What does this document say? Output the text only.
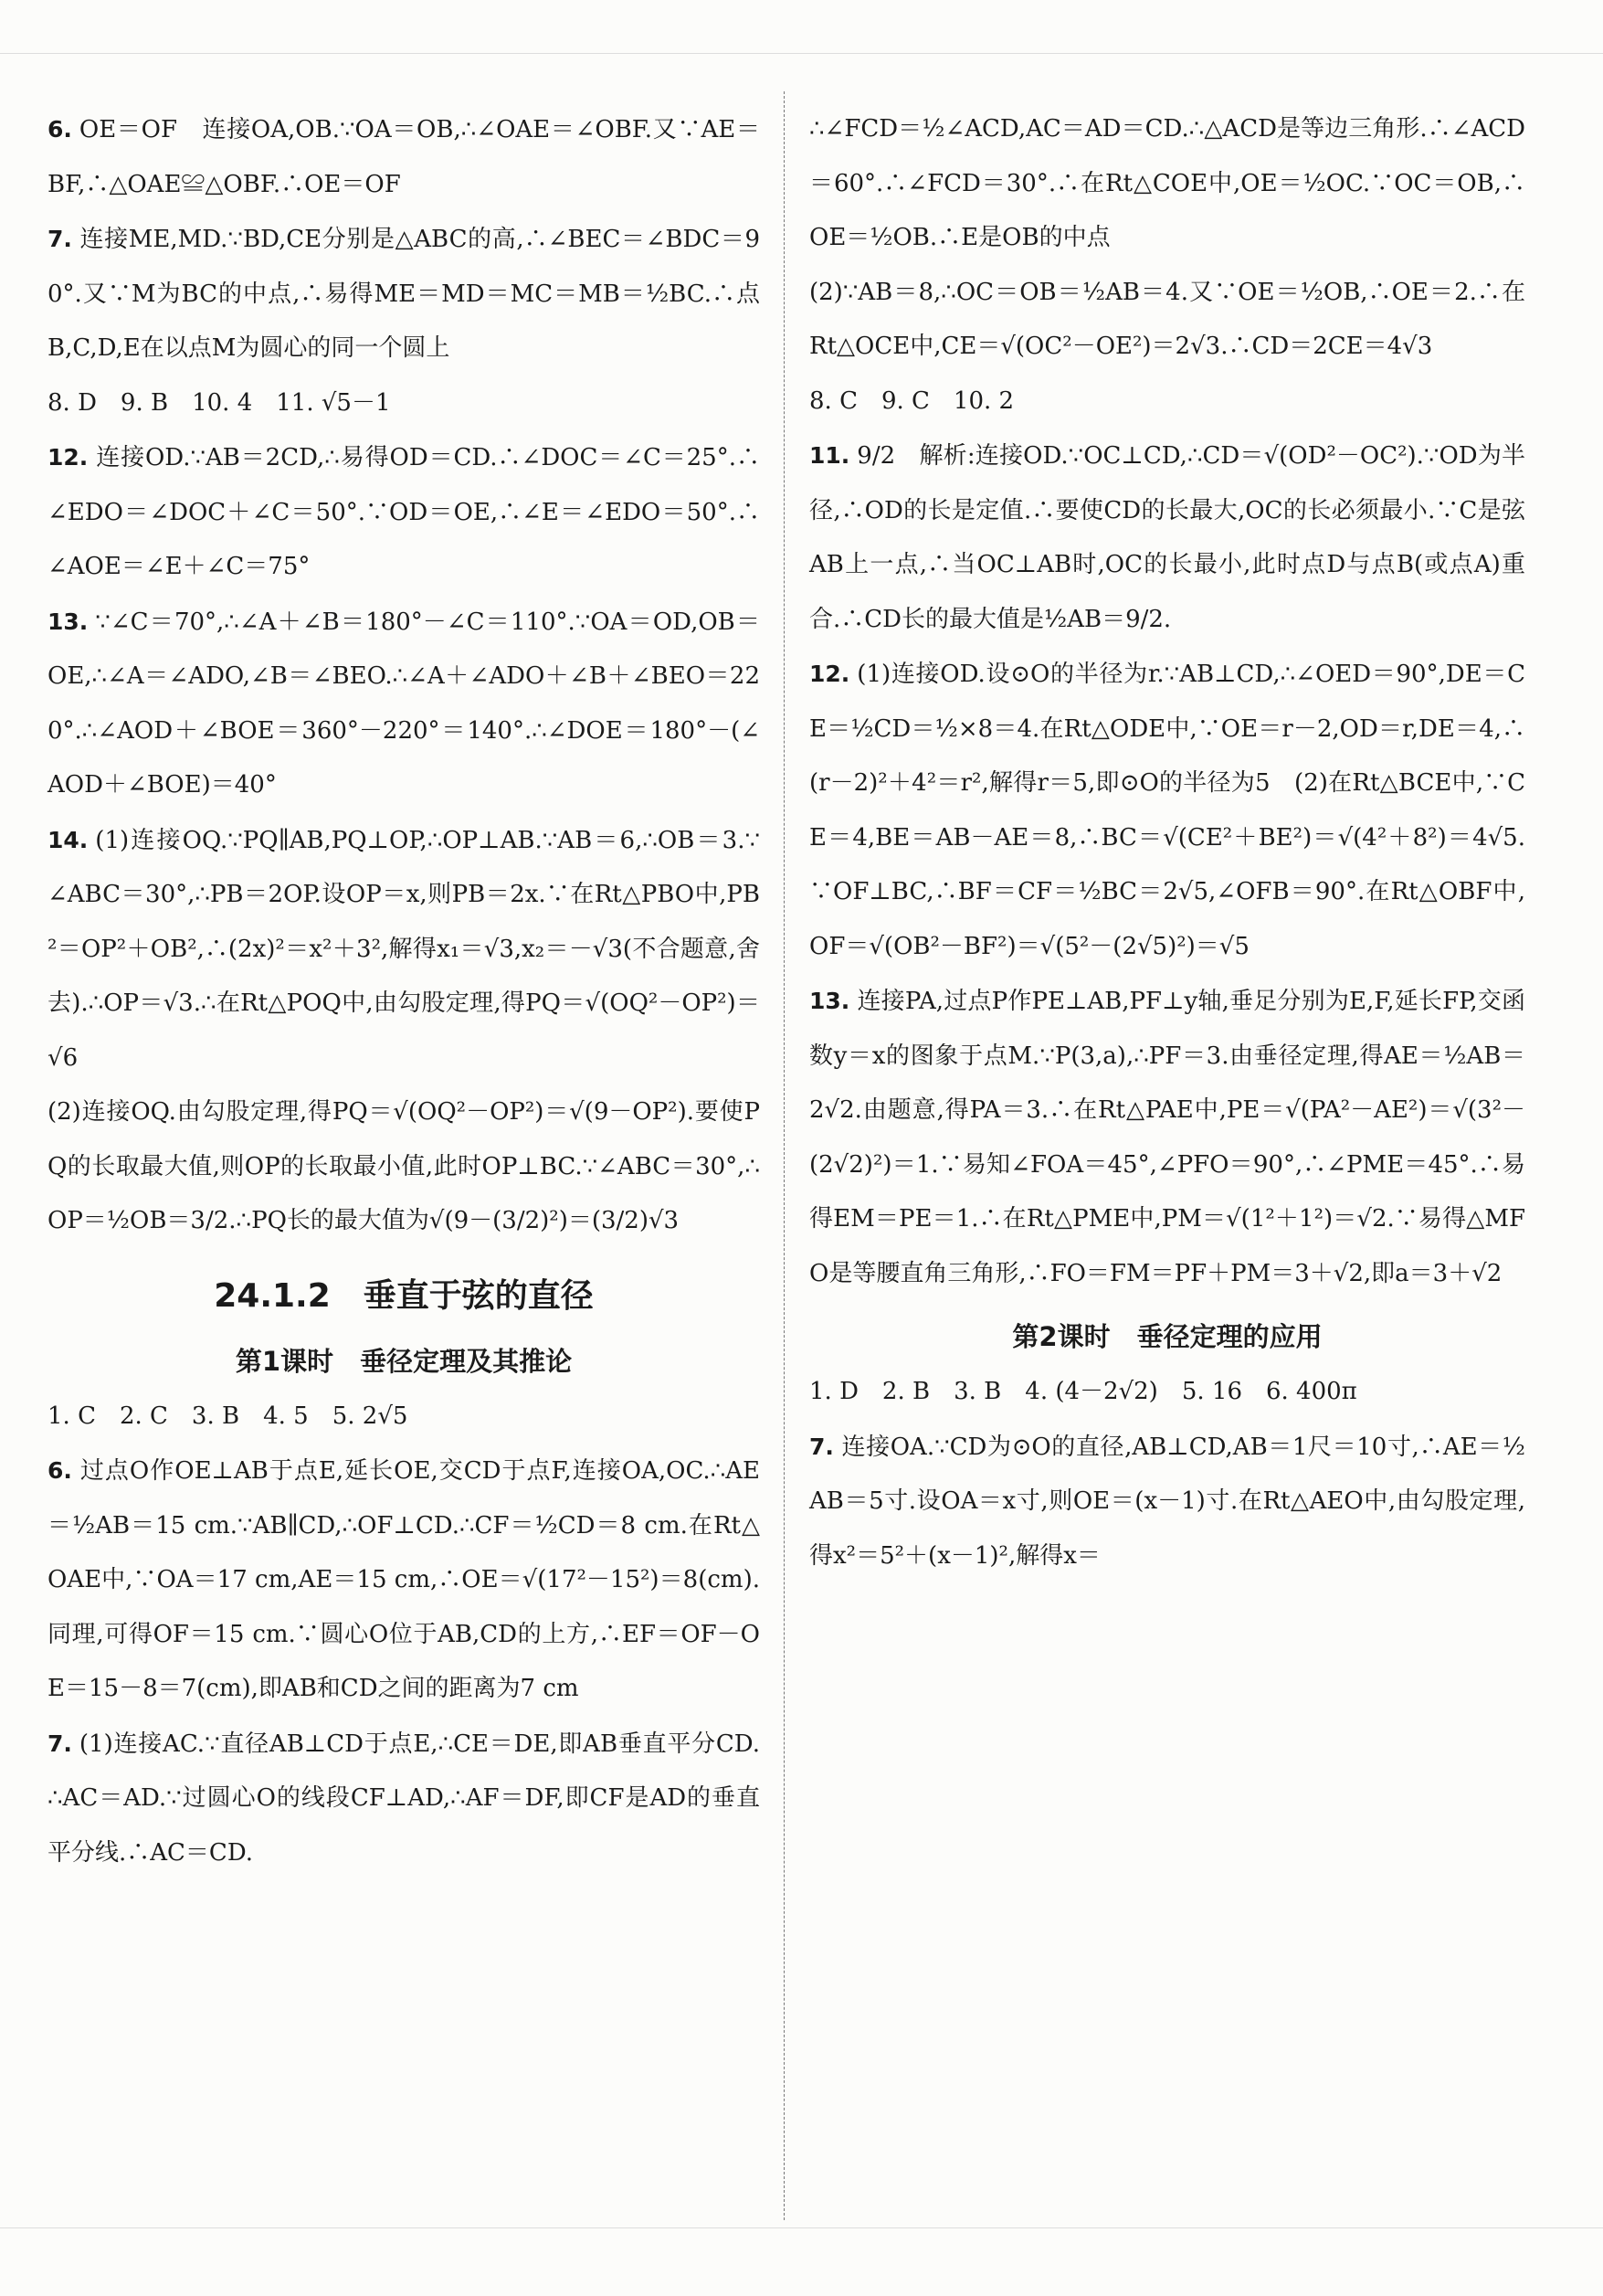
6. OE＝OF　连接OA,OB.∵OA＝OB,∴∠OAE＝∠OBF.又∵AE＝BF,∴△OAE≌△OBF.∴OE＝OF

7. 连接ME,MD.∵BD,CE分别是△ABC的高,∴∠BEC＝∠BDC＝90°.又∵M为BC的中点,∴易得ME＝MD＝MC＝MB＝½BC.∴点B,C,D,E在以点M为圆心的同一个圆上

8. D　9. B　10. 4　11. √5－1

12. 连接OD.∵AB＝2CD,∴易得OD＝CD.∴∠DOC＝∠C＝25°.∴∠EDO＝∠DOC＋∠C＝50°.∵OD＝OE,∴∠E＝∠EDO＝50°.∴∠AOE＝∠E＋∠C＝75°

13. ∵∠C＝70°,∴∠A＋∠B＝180°－∠C＝110°.∵OA＝OD,OB＝OE,∴∠A＝∠ADO,∠B＝∠BEO.∴∠A＋∠ADO＋∠B＋∠BEO＝220°.∴∠AOD＋∠BOE＝360°－220°＝140°.∴∠DOE＝180°－(∠AOD＋∠BOE)＝40°

14. (1)连接OQ.∵PQ∥AB,PQ⊥OP,∴OP⊥AB.∵AB＝6,∴OB＝3.∵∠ABC＝30°,∴PB＝2OP.设OP＝x,则PB＝2x.∵在Rt△PBO中,PB²＝OP²＋OB²,∴(2x)²＝x²＋3²,解得x₁＝√3,x₂＝－√3(不合题意,舍去).∴OP＝√3.∴在Rt△POQ中,由勾股定理,得PQ＝√(OQ²－OP²)＝√6

(2)连接OQ.由勾股定理,得PQ＝√(OQ²－OP²)＝√(9－OP²).要使PQ的长取最大值,则OP的长取最小值,此时OP⊥BC.∵∠ABC＝30°,∴OP＝½OB＝3/2.∴PQ长的最大值为√(9－(3/2)²)＝(3/2)√3

24.1.2　垂直于弦的直径
第1课时　垂径定理及其推论

1. C　2. C　3. B　4. 5　5. 2√5

6. 过点O作OE⊥AB于点E,延长OE,交CD于点F,连接OA,OC.∴AE＝½AB＝15 cm.∵AB∥CD,∴OF⊥CD.∴CF＝½CD＝8 cm.在Rt△OAE中,∵OA＝17 cm,AE＝15 cm,∴OE＝√(17²－15²)＝8(cm).同理,可得OF＝15 cm.∵圆心O位于AB,CD的上方,∴EF＝OF－OE＝15－8＝7(cm),即AB和CD之间的距离为7 cm

7. (1)连接AC.∵直径AB⊥CD于点E,∴CE＝DE,即AB垂直平分CD.∴AC＝AD.∵过圆心O的线段CF⊥AD,∴AF＝DF,即CF是AD的垂直平分线.∴AC＝CD.

∴∠FCD＝½∠ACD,AC＝AD＝CD.∴△ACD是等边三角形.∴∠ACD＝60°.∴∠FCD＝30°.∴在Rt△COE中,OE＝½OC.∵OC＝OB,∴OE＝½OB.∴E是OB的中点

(2)∵AB＝8,∴OC＝OB＝½AB＝4.又∵OE＝½OB,∴OE＝2.∴在Rt△OCE中,CE＝√(OC²－OE²)＝2√3.∴CD＝2CE＝4√3

8. C　9. C　10. 2

11. 9/2　解析:连接OD.∵OC⊥CD,∴CD＝√(OD²－OC²).∵OD为半径,∴OD的长是定值.∴要使CD的长最大,OC的长必须最小.∵C是弦AB上一点,∴当OC⊥AB时,OC的长最小,此时点D与点B(或点A)重合.∴CD长的最大值是½AB＝9/2.

12. (1)连接OD.设⊙O的半径为r.∵AB⊥CD,∴∠OED＝90°,DE＝CE＝½CD＝½×8＝4.在Rt△ODE中,∵OE＝r－2,OD＝r,DE＝4,∴(r－2)²＋4²＝r²,解得r＝5,即⊙O的半径为5　(2)在Rt△BCE中,∵CE＝4,BE＝AB－AE＝8,∴BC＝√(CE²＋BE²)＝√(4²＋8²)＝4√5.∵OF⊥BC,∴BF＝CF＝½BC＝2√5,∠OFB＝90°.在Rt△OBF中,OF＝√(OB²－BF²)＝√(5²－(2√5)²)＝√5

13. 连接PA,过点P作PE⊥AB,PF⊥y轴,垂足分别为E,F,延长FP,交函数y＝x的图象于点M.∵P(3,a),∴PF＝3.由垂径定理,得AE＝½AB＝2√2.由题意,得PA＝3.∴在Rt△PAE中,PE＝√(PA²－AE²)＝√(3²－(2√2)²)＝1.∵易知∠FOA＝45°,∠PFO＝90°,∴∠PME＝45°.∴易得EM＝PE＝1.∴在Rt△PME中,PM＝√(1²＋1²)＝√2.∵易得△MFO是等腰直角三角形,∴FO＝FM＝PF＋PM＝3＋√2,即a＝3＋√2

第2课时　垂径定理的应用

1. D　2. B　3. B　4. (4－2√2)　5. 16　6. 400π

7. 连接OA.∵CD为⊙O的直径,AB⊥CD,AB＝1尺＝10寸,∴AE＝½AB＝5寸.设OA＝x寸,则OE＝(x－1)寸.在Rt△AEO中,由勾股定理,得x²＝5²＋(x－1)²,解得x＝
